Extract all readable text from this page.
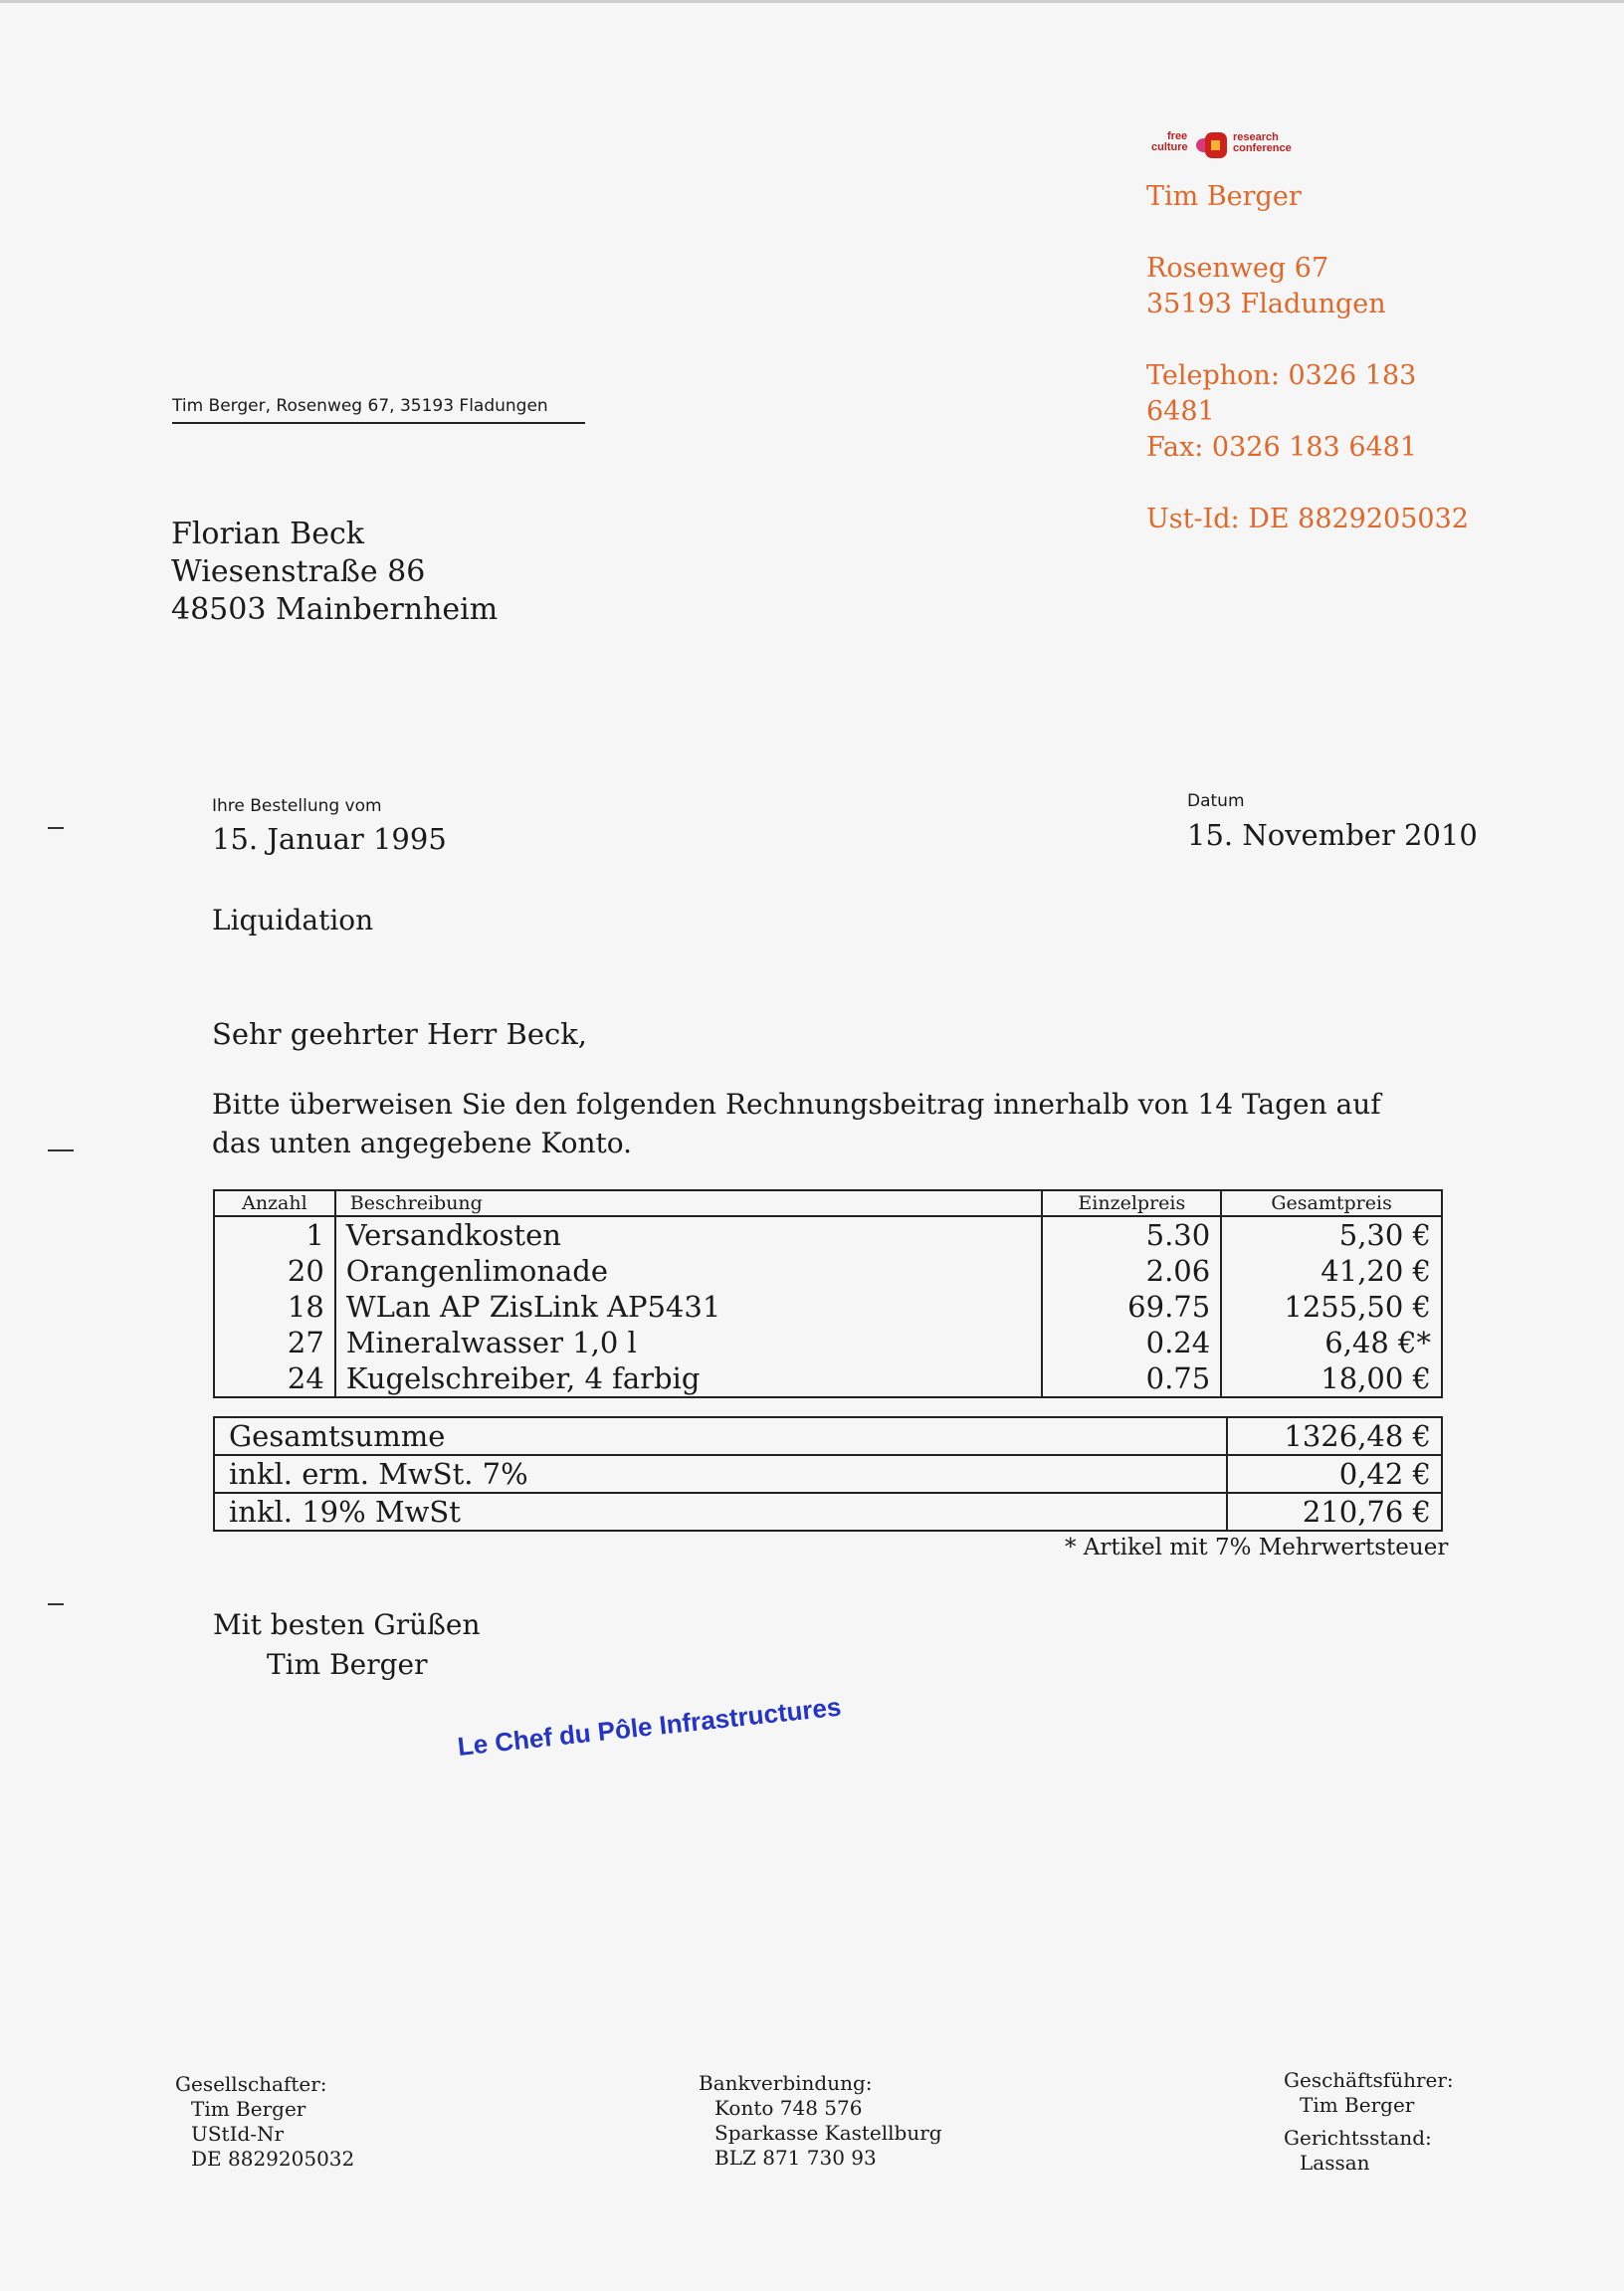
free
culture
research
conference
Tim Berger
Rosenweg 67
35193 Fladungen
Telephon: 0326 183
6481
Fax: 0326 183 6481
Ust-Id: DE 8829205032
Tim Berger, Rosenweg 67, 35193 Fladungen
Florian Beck
Wiesenstraße 86
48503 Mainbernheim
Ihre Bestellung vom
15. Januar 1995
Datum
15. November 2010
Liquidation
Sehr geehrter Herr Beck,
Bitte überweisen Sie den folgenden Rechnungsbeitrag innerhalb von 14 Tagen auf das unten angegebene Konto.
Anzahl	Beschreibung	Einzelpreis	Gesamtpreis
1	Versandkosten	5.30	5,30 €
20	Orangenlimonade	2.06	41,20 €
18	WLan AP ZisLink AP5431	69.75	1255,50 €
27	Mineralwasser 1,0 l	0.24	6,48 €*
24	Kugelschreiber, 4 farbig	0.75	18,00 €
Gesamtsumme	1326,48 €
inkl. erm. MwSt. 7%	0,42 €
inkl. 19% MwSt	210,76 €
* Artikel mit 7% Mehrwertsteuer
Mit besten Grüßen
Tim Berger
Le Chef du Pôle Infrastructures
Gesellschafter:
Tim Berger
UStId-Nr
DE 8829205032
Bankverbindung:
Konto 748 576
Sparkasse Kastellburg
BLZ 871 730 93
Geschäftsführer:
Tim Berger
Gerichtsstand:
Lassan
